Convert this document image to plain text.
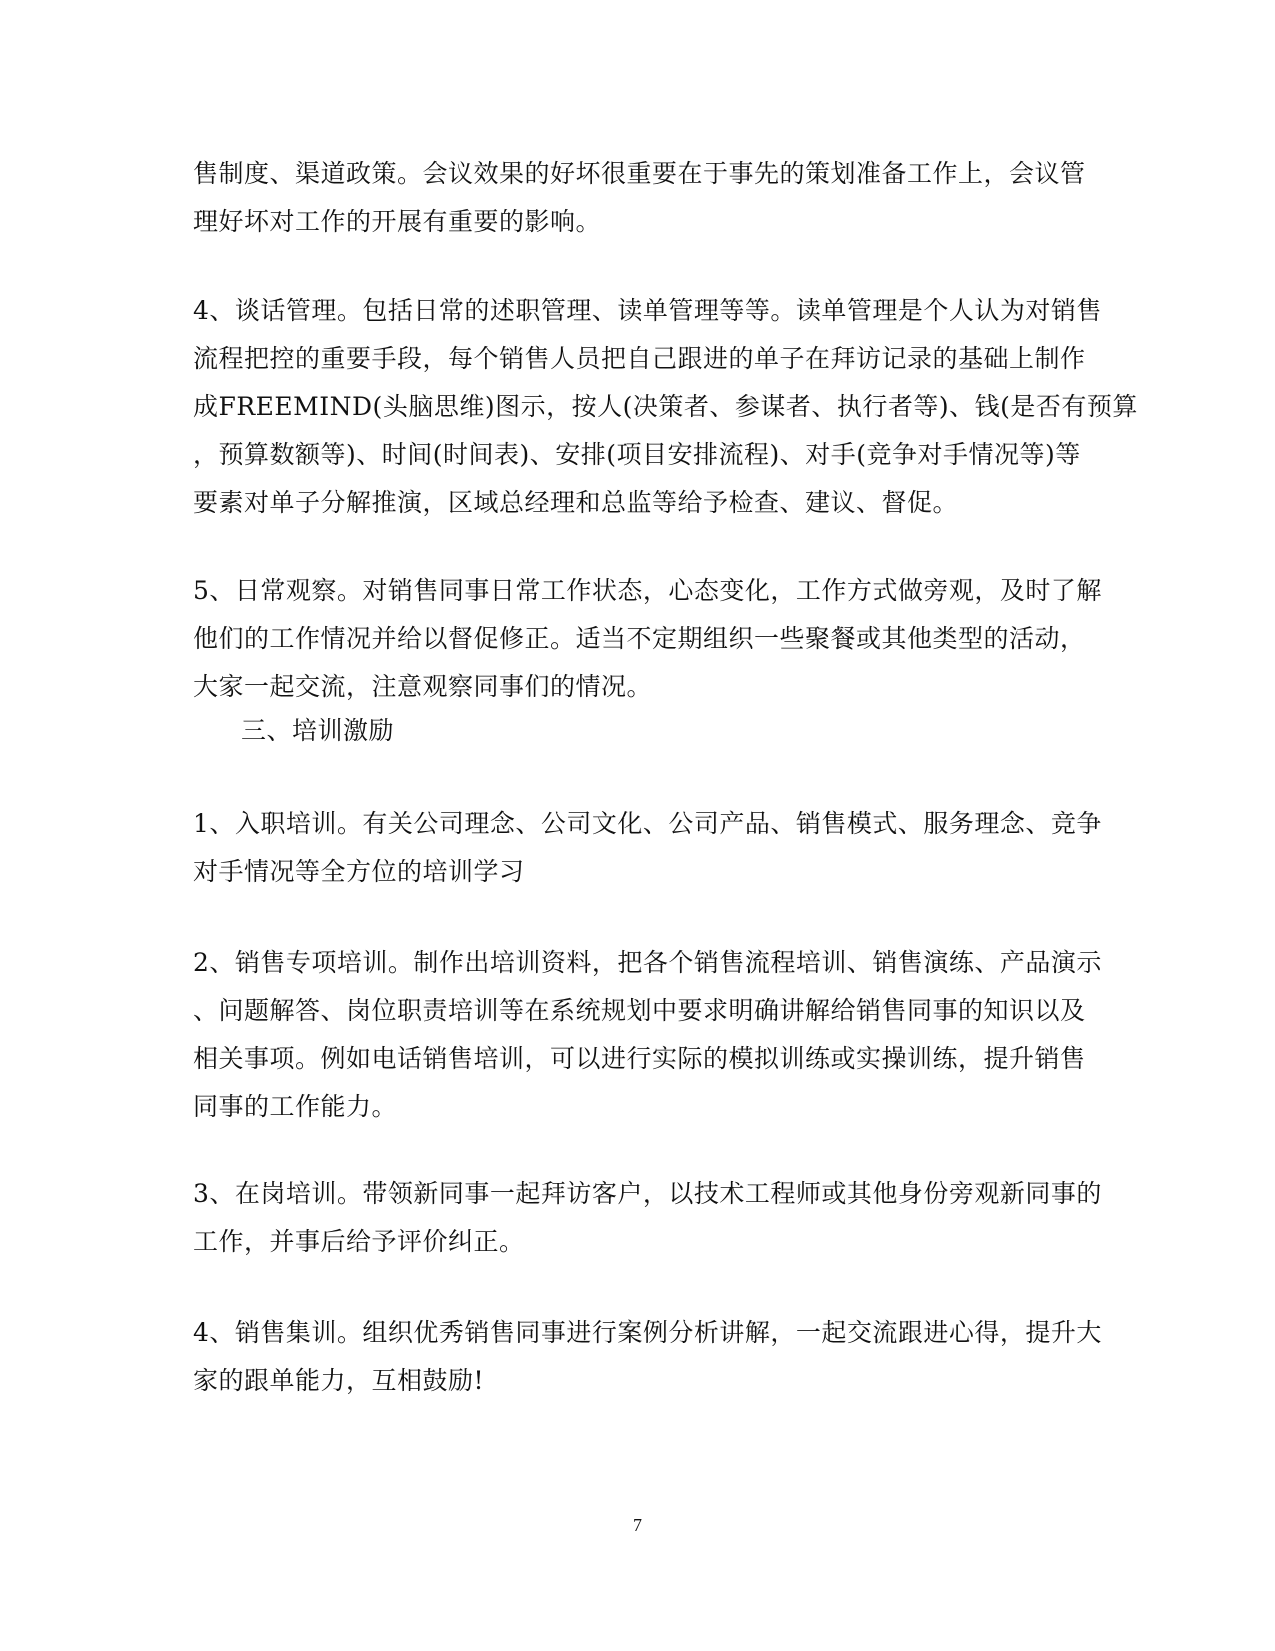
售制度、渠道政策。会议效果的好坏很重要在于事先的策划准备工作上，会议管
理好坏对工作的开展有重要的影响。
4、谈话管理。包括日常的述职管理、读单管理等等。读单管理是个人认为对销售
流程把控的重要手段，每个销售人员把自己跟进的单子在拜访记录的基础上制作
成FREEMIND(头脑思维)图示，按人(决策者、参谋者、执行者等)、钱(是否有预算
，预算数额等)、时间(时间表)、安排(项目安排流程)、对手(竞争对手情况等)等
要素对单子分解推演，区域总经理和总监等给予检查、建议、督促。
5、日常观察。对销售同事日常工作状态，心态变化，工作方式做旁观，及时了解
他们的工作情况并给以督促修正。适当不定期组织一些聚餐或其他类型的活动，
大家一起交流，注意观察同事们的情况。
三、培训激励
1、入职培训。有关公司理念、公司文化、公司产品、销售模式、服务理念、竞争
对手情况等全方位的培训学习
2、销售专项培训。制作出培训资料，把各个销售流程培训、销售演练、产品演示
、问题解答、岗位职责培训等在系统规划中要求明确讲解给销售同事的知识以及
相关事项。例如电话销售培训，可以进行实际的模拟训练或实操训练，提升销售
同事的工作能力。
3、在岗培训。带领新同事一起拜访客户，以技术工程师或其他身份旁观新同事的
工作，并事后给予评价纠正。
4、销售集训。组织优秀销售同事进行案例分析讲解，一起交流跟进心得，提升大
家的跟单能力，互相鼓励!
7
